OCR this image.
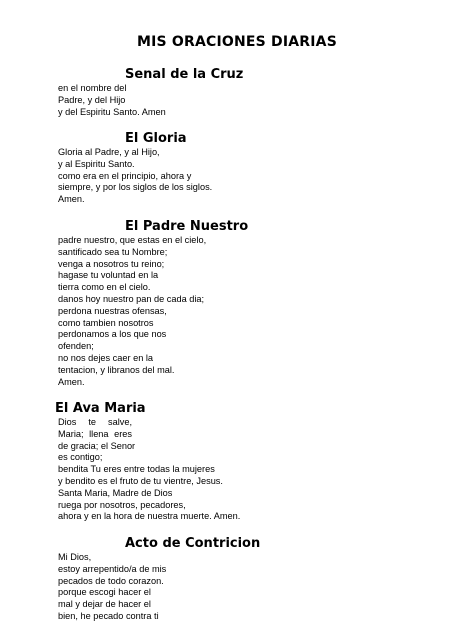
MIS ORACIONES DIARIAS
Senal de la Cruz
en el nombre del
Padre, y del Hijo
y del Espiritu Santo. Amen
El Gloria
Gloria al Padre, y al Hijo,
y al Espiritu Santo.
como era en el principio, ahora y
siempre, y por los siglos de los siglos.
Amen.
El Padre Nuestro
padre nuestro, que estas en el cielo,
santificado sea tu Nombre;
venga a nosotros tu reino;
hagase tu voluntad en la
tierra como en el cielo.
danos hoy nuestro pan de cada dia;
perdona nuestras ofensas,
como tambien nosotros
perdonamos a los que nos
ofenden;
no nos dejes caer en la
tentacion, y libranos del mal.
Amen.
El Ava Maria
Dios te salve,
Maria; llena eres
de gracia; el Senor
es contigo;
bendita Tu eres entre todas la mujeres
y bendito es el fruto de tu vientre, Jesus.
Santa Maria, Madre de Dios
ruega por nosotros, pecadores,
ahora y en la hora de nuestra muerte. Amen.
Acto de Contricion
Mi Dios,
estoy arrepentido/a de mis
pecados de todo corazon.
porque escogi hacer el
mal y dejar de hacer el
bien, he pecado contra ti
